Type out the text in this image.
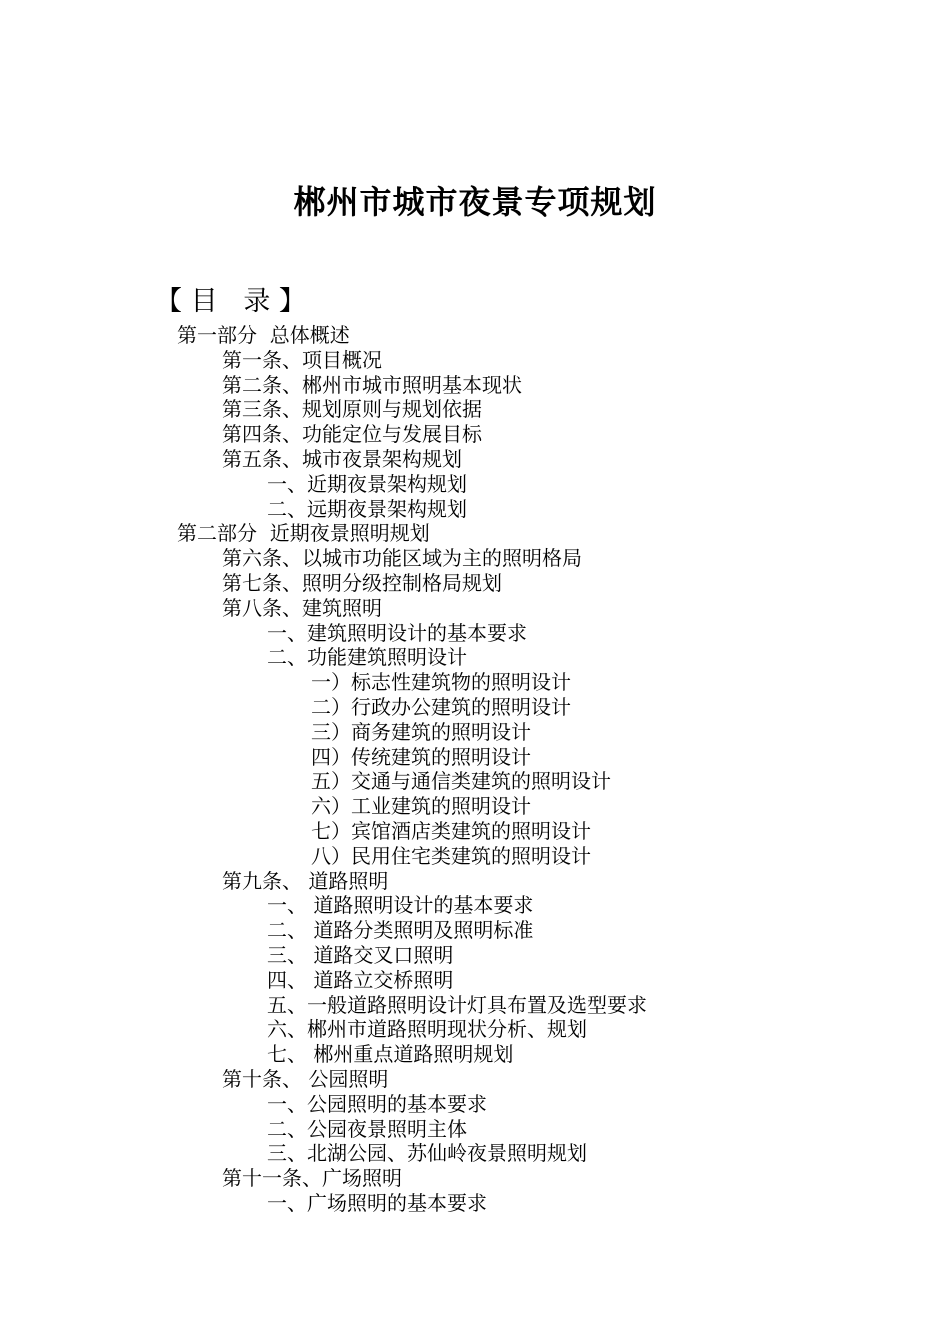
郴州市城市夜景专项规划
【 目   录 】
第一部分  总体概述
第一条、项目概况
第二条、郴州市城市照明基本现状
第三条、规划原则与规划依据
第四条、功能定位与发展目标
第五条、城市夜景架构规划
一、近期夜景架构规划
二、远期夜景架构规划
第二部分  近期夜景照明规划
第六条、以城市功能区域为主的照明格局
第七条、照明分级控制格局规划
第八条、建筑照明
一、建筑照明设计的基本要求
二、功能建筑照明设计
一）标志性建筑物的照明设计
二）行政办公建筑的照明设计
三）商务建筑的照明设计
四）传统建筑的照明设计
五）交通与通信类建筑的照明设计
六）工业建筑的照明设计
七）宾馆酒店类建筑的照明设计
八）民用住宅类建筑的照明设计
第九条、 道路照明
一、 道路照明设计的基本要求
二、 道路分类照明及照明标准
三、 道路交叉口照明
四、 道路立交桥照明
五、一般道路照明设计灯具布置及选型要求
六、郴州市道路照明现状分析、规划
七、 郴州重点道路照明规划
第十条、 公园照明
一、公园照明的基本要求
二、公园夜景照明主体
三、北湖公园、苏仙岭夜景照明规划
第十一条、广场照明
一、广场照明的基本要求
